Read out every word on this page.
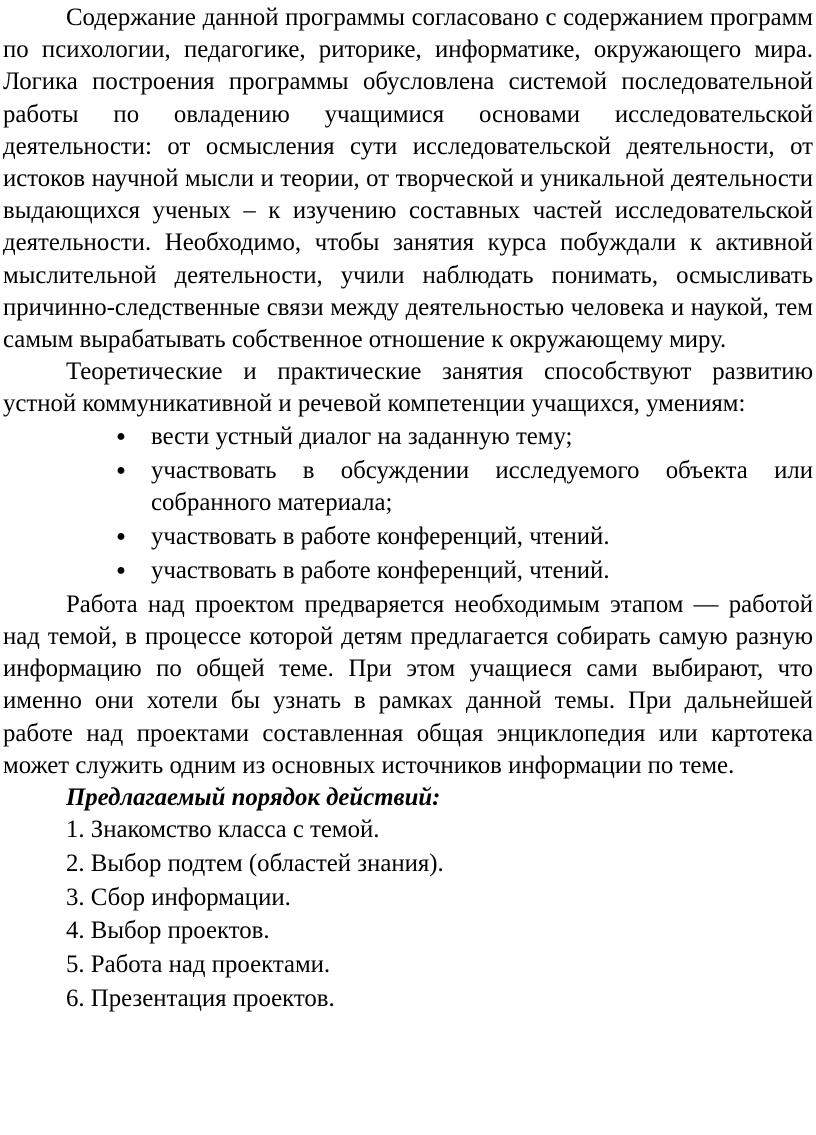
Содержание данной программы согласовано с содержанием программ по психологии, педагогике, риторике, информатике, окружающего мира. Логика построения программы обусловлена системой последовательной работы по овладению учащимися основами исследовательской деятельности: от осмысления сути исследовательской деятельности, от истоков научной мысли и теории, от творческой и уникальной деятельности выдающихся ученых – к изучению составных частей исследовательской деятельности. Необходимо, чтобы занятия курса побуждали к активной мыслительной деятельности, учили наблюдать понимать, осмысливать причинно-следственные связи между деятельностью человека и наукой, тем самым вырабатывать собственное отношение к окружающему миру.

Теоретические и практические занятия способствуют развитию устной коммуникативной и речевой компетенции учащихся, умениям:

● вести устный диалог на заданную тему;
● участвовать в обсуждении исследуемого объекта или собранного материала;
● участвовать в работе конференций, чтений.
● участвовать в работе конференций, чтений.

Работа над проектом предваряется необходимым этапом — работой над темой, в процессе которой детям предлагается собирать самую разную информацию по общей теме. При этом учащиеся сами выбирают, что именно они хотели бы узнать в рамках данной темы. При дальнейшей работе над проектами составленная общая энциклопедия или картотека может служить одним из основных источников информации по теме.

Предлагаемый порядок действий:
1. Знакомство класса с темой.
2. Выбор подтем (областей знания).
3. Сбор информации.
4. Выбор проектов.
5. Работа над проектами.
6. Презентация проектов.
